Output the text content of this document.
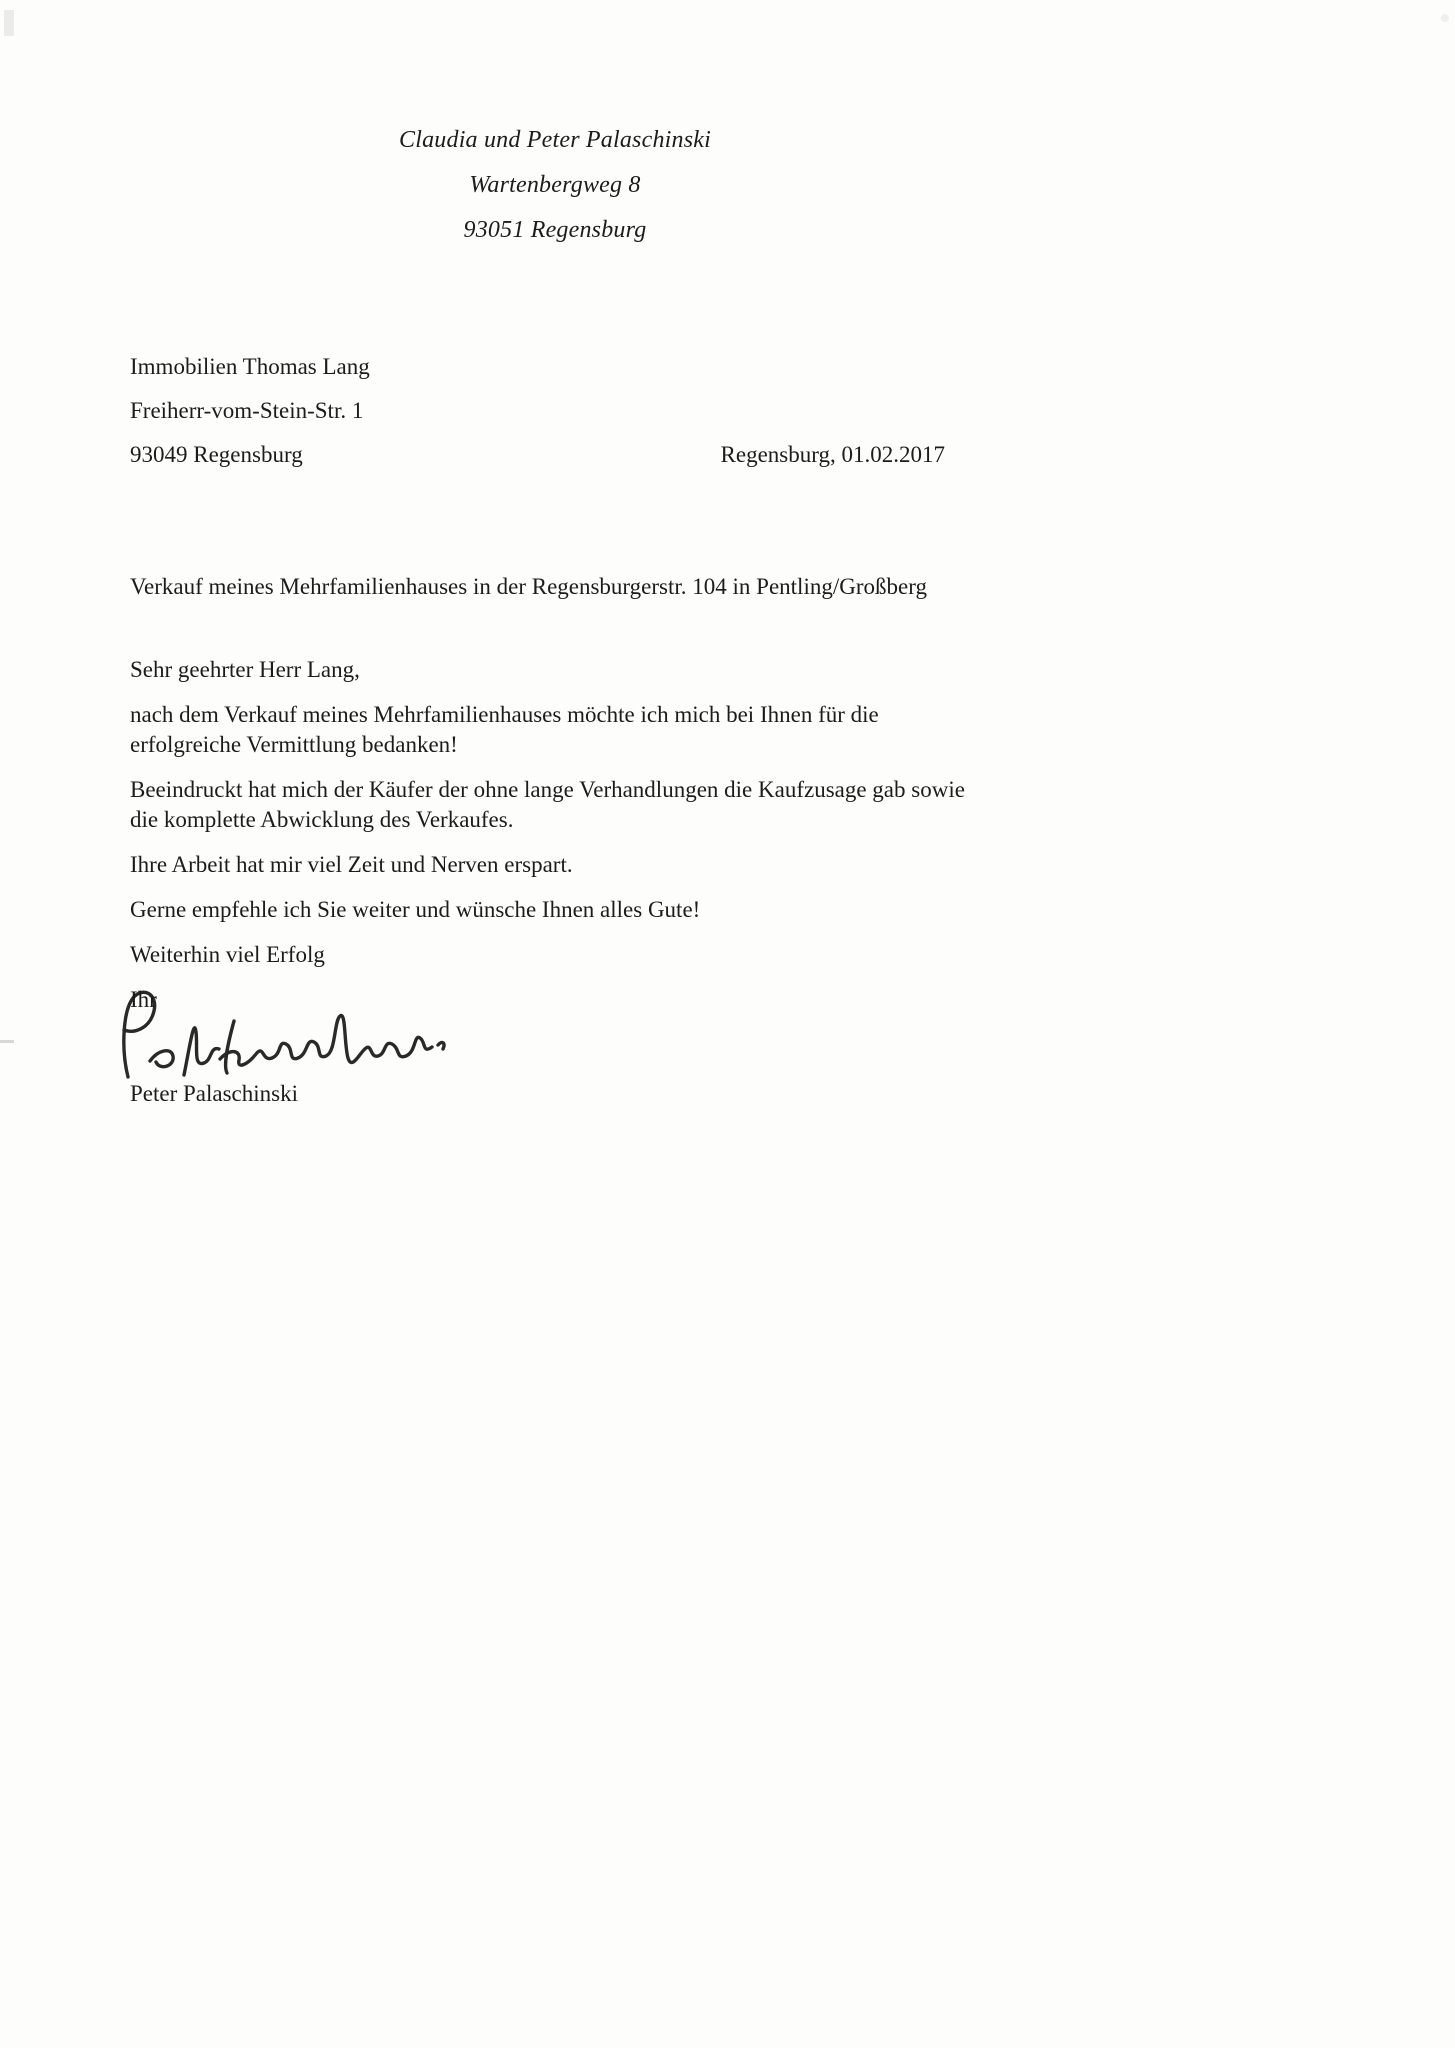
Claudia und Peter Palaschinski
Wartenbergweg 8
93051 Regensburg
Immobilien Thomas Lang
Freiherr-vom-Stein-Str. 1
93049 Regensburg	Regensburg, 01.02.2017
Verkauf meines Mehrfamilienhauses in der Regensburgerstr. 104 in Pentling/Großberg

Sehr geehrter Herr Lang,

nach dem Verkauf meines Mehrfamilienhauses möchte ich mich bei Ihnen für die erfolgreiche Vermittlung bedanken!

Beeindruckt hat mich der Käufer der ohne lange Verhandlungen die Kaufzusage gab sowie die komplette Abwicklung des Verkaufes.

Ihre Arbeit hat mir viel Zeit und Nerven erspart.

Gerne empfehle ich Sie weiter und wünsche Ihnen alles Gute!

Weiterhin viel Erfolg

Ihr

Peter Palaschinski
